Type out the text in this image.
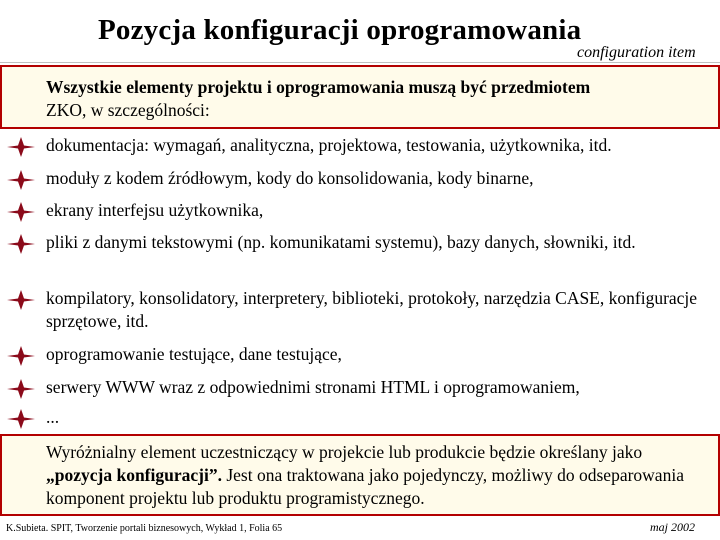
Pozycja konfiguracji oprogramowania
configuration item
Wszystkie elementy projektu i oprogramowania muszą być przedmiotem
ZKO, w szczególności:
dokumentacja: wymagań, analityczna, projektowa, testowania, użytkownika, itd.
moduły z kodem źródłowym, kody do konsolidowania, kody binarne,
ekrany interfejsu użytkownika,
pliki z danymi tekstowymi (np. komunikatami systemu), bazy danych, słowniki, itd.
kompilatory, konsolidatory, interpretery, biblioteki, protokoły, narzędzia CASE, konfiguracje sprzętowe, itd.
oprogramowanie testujące, dane testujące,
serwery WWW wraz z odpowiednimi stronami HTML i oprogramowaniem,
...
Wyróżnialny element uczestniczący w projekcie lub produkcie będzie określany jako „pozycja konfiguracji”. Jest ona traktowana jako pojedynczy, możliwy do odseparowania komponent projektu lub produktu programistycznego.
K.Subieta. SPIT, Tworzenie portali biznesowych, Wykład 1, Folia 65	maj 2002
